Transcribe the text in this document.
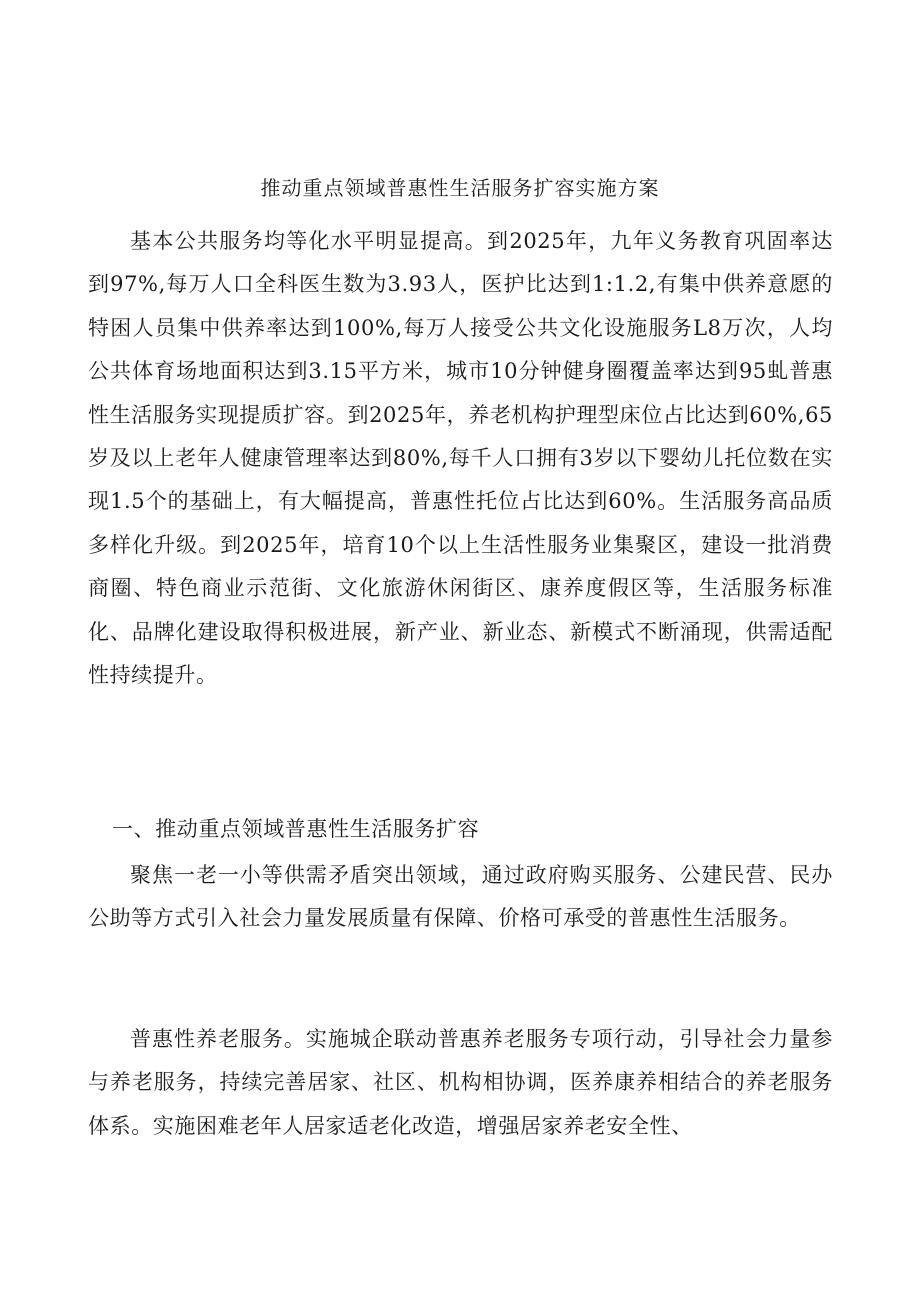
推动重点领域普惠性生活服务扩容实施方案

基本公共服务均等化水平明显提高。到2025年，九年义务教育巩固率达到97%,每万人口全科医生数为3.93人，医护比达到1:1.2,有集中供养意愿的特困人员集中供养率达到100%,每万人接受公共文化设施服务L8万次，人均公共体育场地面积达到3.15平方米，城市10分钟健身圈覆盖率达到95虬普惠性生活服务实现提质扩容。到2025年，养老机构护理型床位占比达到60%,65岁及以上老年人健康管理率达到80%,每千人口拥有3岁以下婴幼儿托位数在实现1.5个的基础上，有大幅提高，普惠性托位占比达到60%。生活服务高品质多样化升级。到2025年，培育10个以上生活性服务业集聚区，建设一批消费商圈、特色商业示范街、文化旅游休闲街区、康养度假区等，生活服务标准化、品牌化建设取得积极进展，新产业、新业态、新模式不断涌现，供需适配性持续提升。

一、推动重点领域普惠性生活服务扩容

聚焦一老一小等供需矛盾突出领域，通过政府购买服务、公建民营、民办公助等方式引入社会力量发展质量有保障、价格可承受的普惠性生活服务。

普惠性养老服务。实施城企联动普惠养老服务专项行动，引导社会力量参与养老服务，持续完善居家、社区、机构相协调，医养康养相结合的养老服务体系。实施困难老年人居家适老化改造，增强居家养老安全性、
